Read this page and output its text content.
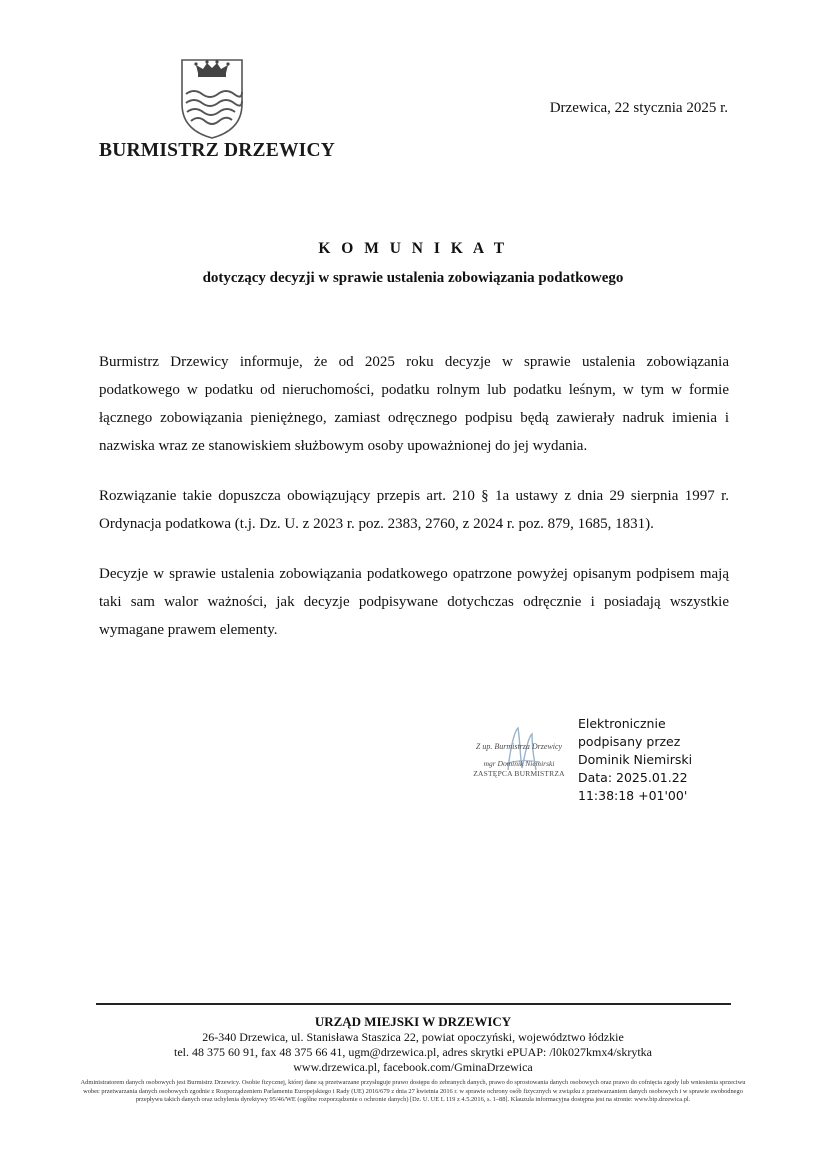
BURMISTRZ DRZEWICY
Drzewica, 22 stycznia 2025 r.
K O M U N I K A T
dotyczący decyzji w sprawie ustalenia zobowiązania podatkowego

Burmistrz Drzewicy informuje, że od 2025 roku decyzje w sprawie ustalenia zobowiązania podatkowego w podatku od nieruchomości, podatku rolnym lub podatku leśnym, w tym w formie łącznego zobowiązania pieniężnego, zamiast odręcznego podpisu będą zawierały nadruk imienia i nazwiska wraz ze stanowiskiem służbowym osoby upoważnionej do jej wydania.

Rozwiązanie takie dopuszcza obowiązujący przepis art. 210 § 1a ustawy z dnia 29 sierpnia 1997 r. Ordynacja podatkowa (t.j. Dz. U. z 2023 r. poz. 2383, 2760, z 2024 r. poz. 879, 1685, 1831).

Decyzje w sprawie ustalenia zobowiązania podatkowego opatrzone powyżej opisanym podpisem mają taki sam walor ważności, jak decyzje podpisywane dotychczas odręcznie i posiadają wszystkie wymagane prawem elementy.

Z up. Burmistrza Drzewicy
mgr Dominik Niemirski
ZASTĘPCA BURMISTRZA
Elektronicznie
podpisany przez
Dominik Niemirski
Data: 2025.01.22
11:38:18 +01'00'
URZĄD MIEJSKI W DRZEWICY
26-340 Drzewica, ul. Stanisława Staszica 22, powiat opoczyński, województwo łódzkie
tel. 48 375 60 91, fax 48 375 66 41, ugm@drzewica.pl, adres skrytki ePUAP: /l0k027kmx4/skrytka
www.drzewica.pl, facebook.com/GminaDrzewica
Administratorem danych osobowych jest Burmistrz Drzewicy. Osobie fizycznej, której dane są przetwarzane przysługuje prawo dostępu do zebranych danych, prawo do sprostowania danych osobowych oraz prawo do cofnięcia zgody lub wniesienia sprzeciwu wobec przetwarzania danych osobowych zgodnie z Rozporządzeniem Parlamentu Europejskiego i Rady (UE) 2016/679 z dnia 27 kwietnia 2016 r. w sprawie ochrony osób fizycznych w związku z przetwarzaniem danych osobowych i w sprawie swobodnego przepływu takich danych oraz uchylenia dyrektywy 95/46/WE (ogólne rozporządzenie o ochronie danych) [Dz. U. UE L 119 z 4.5.2016, s. 1–88]. Klauzula informacyjna dostępna jest na stronie: www.bip.drzewica.pl.
